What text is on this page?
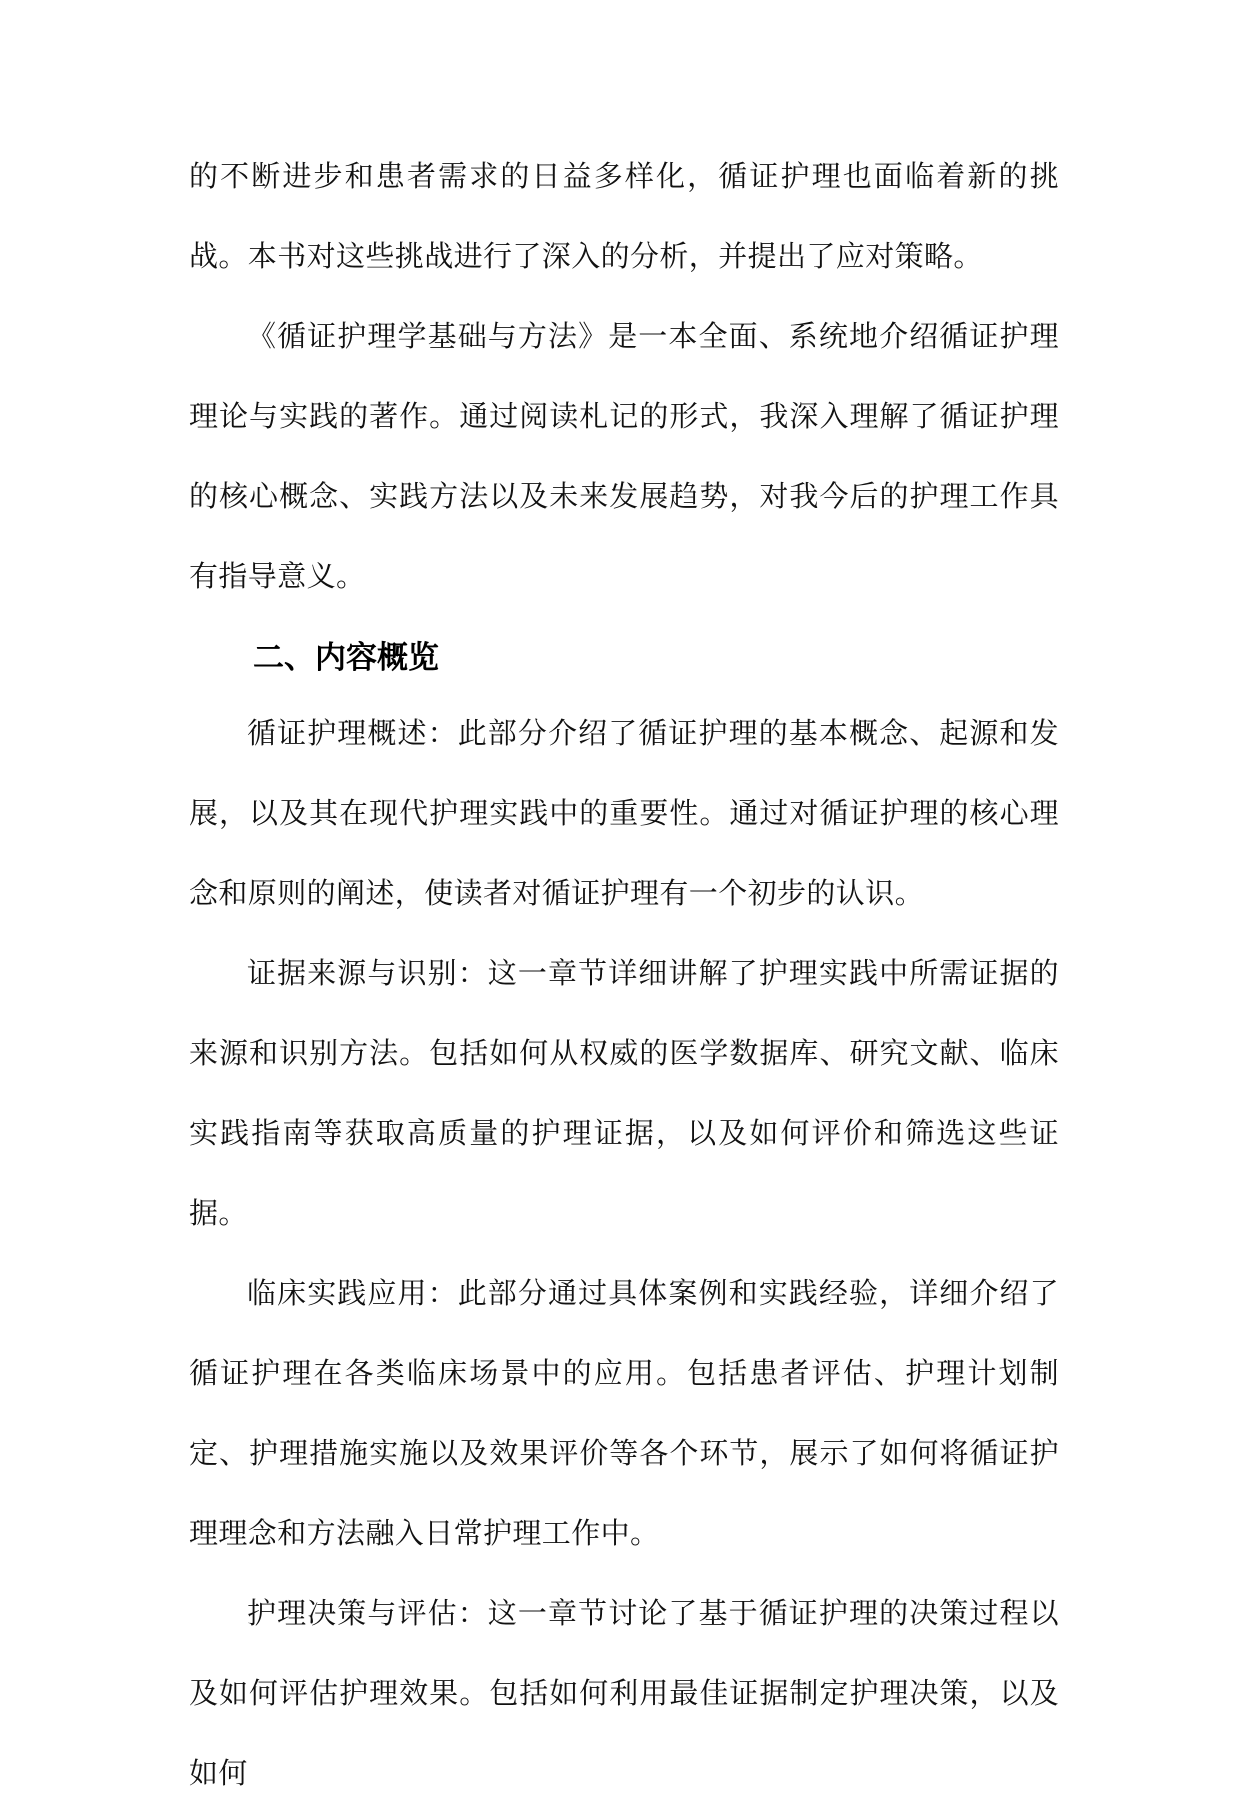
的不断进步和患者需求的日益多样化，循证护理也面临着新的挑战。本书对这些挑战进行了深入的分析，并提出了应对策略。

《循证护理学基础与方法》是一本全面、系统地介绍循证护理理论与实践的著作。通过阅读札记的形式，我深入理解了循证护理的核心概念、实践方法以及未来发展趋势，对我今后的护理工作具有指导意义。

二、内容概览

循证护理概述：此部分介绍了循证护理的基本概念、起源和发展，以及其在现代护理实践中的重要性。通过对循证护理的核心理念和原则的阐述，使读者对循证护理有一个初步的认识。

证据来源与识别：这一章节详细讲解了护理实践中所需证据的来源和识别方法。包括如何从权威的医学数据库、研究文献、临床实践指南等获取高质量的护理证据，以及如何评价和筛选这些证据。

临床实践应用：此部分通过具体案例和实践经验，详细介绍了循证护理在各类临床场景中的应用。包括患者评估、护理计划制定、护理措施实施以及效果评价等各个环节，展示了如何将循证护理理念和方法融入日常护理工作中。

护理决策与评估：这一章节讨论了基于循证护理的决策过程以及如何评估护理效果。包括如何利用最佳证据制定护理决策，以及如何
